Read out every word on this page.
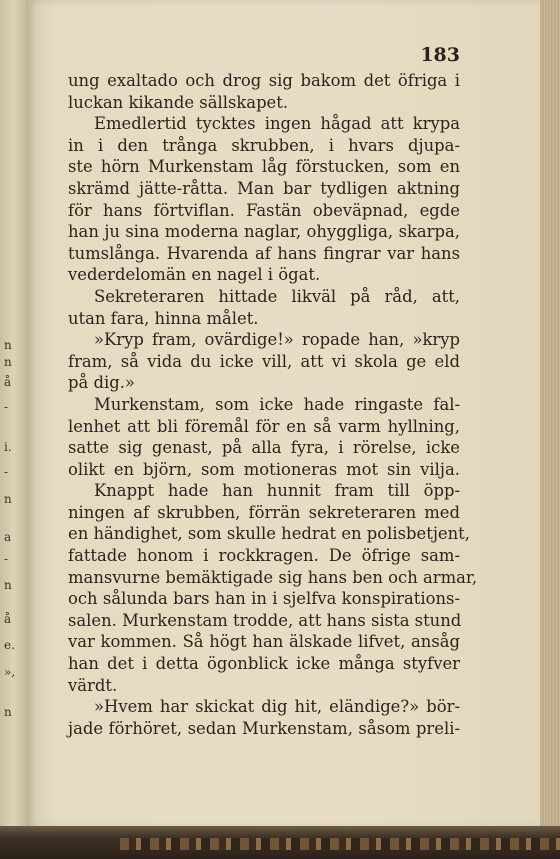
n
n
å
-
i.
-
n
a
-
n
å
e.
»,
n
183
ung exaltado och drog sig bakom det öfriga i
luckan kikande sällskapet.
Emedlertid tycktes ingen hågad att krypa
in i den trånga skrubben, i hvars djupa-
ste hörn Murkenstam låg förstucken, som en
skrämd jätte-råtta. Man bar tydligen aktning
för hans förtviflan. Fastän obeväpnad, egde
han ju sina moderna naglar, ohyggliga, skarpa,
tumslånga. Hvarenda af hans fingrar var hans
vederdelomän en nagel i ögat.
Sekreteraren hittade likväl på råd, att,
utan fara, hinna målet.
»Kryp fram, ovärdige!» ropade han, »kryp
fram, så vida du icke vill, att vi skola ge eld
på dig.»
Murkenstam, som icke hade ringaste fal-
lenhet att bli föremål för en så varm hyllning,
satte sig genast, på alla fyra, i rörelse, icke
olikt en björn, som motioneras mot sin vilja.
Knappt hade han hunnit fram till öpp-
ningen af skrubben, förrän sekreteraren med
en händighet, som skulle hedrat en polisbetjent,
fattade honom i rockkragen. De öfrige sam-
mansvurne bemäktigade sig hans ben och armar,
och sålunda bars han in i sjelfva konspirations-
salen. Murkenstam trodde, att hans sista stund
var kommen. Så högt han älskade lifvet, ansåg
han det i detta ögonblick icke många styfver
värdt.
»Hvem har skickat dig hit, eländige?» bör-
jade förhöret, sedan Murkenstam, såsom preli-
